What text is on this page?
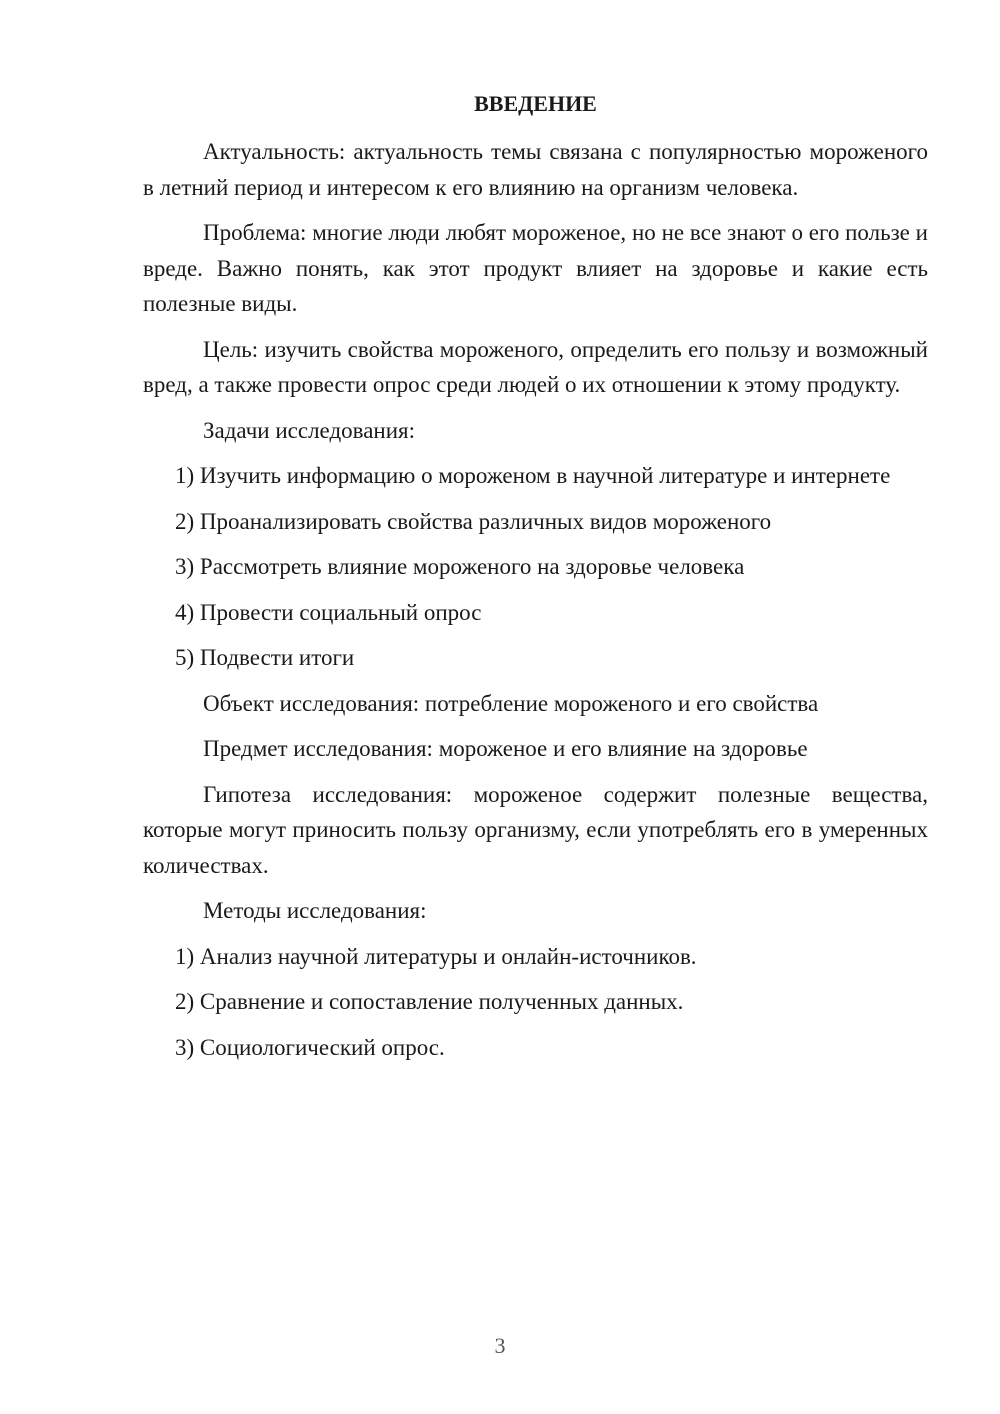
ВВЕДЕНИЕ

Актуальность: актуальность темы связана с популярностью мороженого в летний период и интересом к его влиянию на организм человека.

Проблема: многие люди любят мороженое, но не все знают о его пользе и вреде. Важно понять, как этот продукт влияет на здоровье и какие есть полезные виды.

Цель: изучить свойства мороженого, определить его пользу и возможный вред, а также провести опрос среди людей о их отношении к этому продукту.

Задачи исследования:

1) Изучить информацию о мороженом в научной литературе и интернете

2) Проанализировать свойства различных видов мороженого

3) Рассмотреть влияние мороженого на здоровье человека

4) Провести социальный опрос

5) Подвести итоги

Объект исследования: потребление мороженого и его свойства

Предмет исследования: мороженое и его влияние на здоровье

Гипотеза исследования: мороженое содержит полезные вещества, которые могут приносить пользу организму, если употреблять его в умеренных количествах.

Методы исследования:

1) Анализ научной литературы и онлайн-источников.

2) Сравнение и сопоставление полученных данных.

3) Социологический опрос.

3
